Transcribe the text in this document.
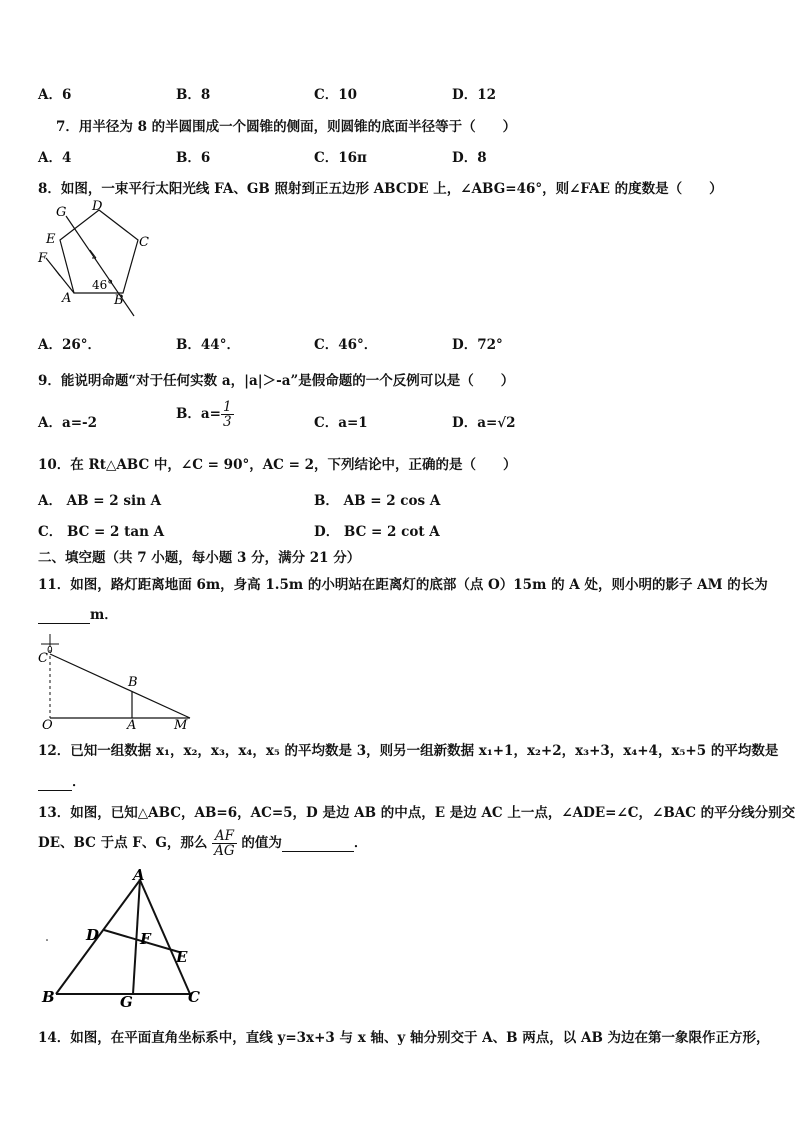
A．6	B．8	C．10	D．12
7．用半径为 8 的半圆围成一个圆锥的侧面，则圆锥的底面半径等于（　　）
A．4	B．6	C．16π	D．8
8．如图，一束平行太阳光线 FA、GB 照射到正五边形 ABCDE 上，∠ABG=46°，则∠FAE 的度数是（　　）
G D
C
E
F
A	B
46°
A．26°．	B．44°．	C．46°．	D．72°
9．能说明命题“对于任何实数 a，|a|＞-a”是假命题的一个反例可以是（　　）
A．a=-2
B．$a= \frac{1}{3}$	C．a=1	D．a=√2
10．在 Rt△ABC 中，∠C = 90°，AC = 2，下列结论中，正确的是（　　）
A． AB = 2 sin A	B． AB = 2 cos A
C． BC = 2 tan A	D． BC = 2 cot A
二、填空题（共 7 小题，每小题 3 分，满分 21 分）
11．如图，路灯距离地面 6m，身高 1.5m 的小明站在距离灯的底部（点 O）15m 的 A 处，则小明的影子 AM 的长为
m．
0
C
B
O	A	M
12．已知一组数据 x₁，x₂，x₃，x₄，x₅ 的平均数是 3，则另一组新数据 x₁+1，x₂+2，x₃+3，x₄+4，x₅+5 的平均数是
．
13．如图，已知△ABC，AB=6，AC=5，D 是边 AB 的中点，E 是边 AC 上一点，∠ADE=∠C，∠BAC 的平分线分别交
DE、BC 于点 F、G，那么 $\frac{AF}{AG}$ 的值为	．
A
D	F
E
B	G	C
14．如图，在平面直角坐标系中，直线 y=3x+3 与 x 轴、y 轴分别交于 A、B 两点，以 AB 为边在第一象限作正方形，
